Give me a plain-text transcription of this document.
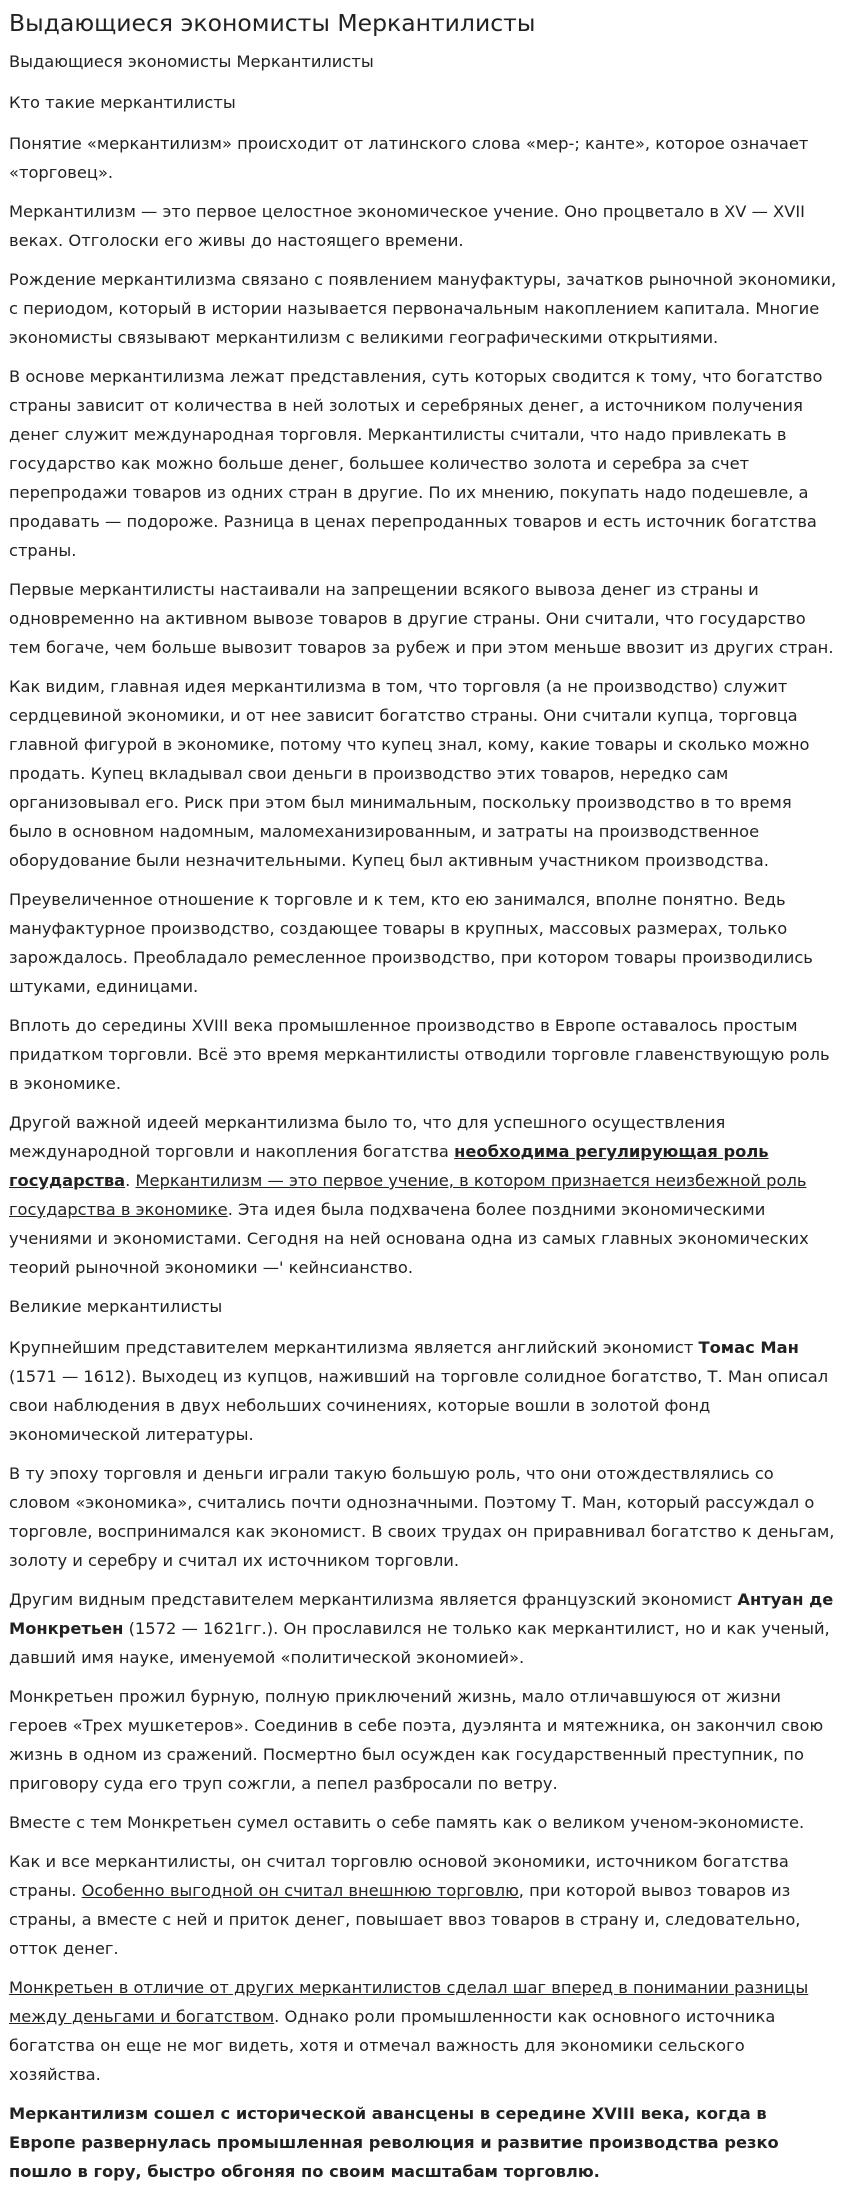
Выдающиеся экономисты Меркантилисты

Выдающиеся экономисты Меркантилисты

Кто такие меркантилисты

Понятие «меркантилизм» происходит от латинского слова «мер-; канте», которое означает «торговец».

Меркантилизм — это первое целостное экономическое учение. Оно процветало в XV — XVII веках. Отголоски его живы до настоящего времени.

Рождение меркантилизма связано с появлением мануфактуры, зачатков рыночной экономики, с периодом, который в истории называется первоначальным накоплением капитала. Многие экономисты связывают меркантилизм с великими географическими открытиями.

В основе меркантилизма лежат представления, суть которых сводится к тому, что богатство страны зависит от количества в ней золотых и серебряных денег, а источником получения денег служит международная торговля. Меркантилисты считали, что надо привлекать в государство как можно больше денег, большее количество золота и серебра за счет перепродажи товаров из одних стран в другие. По их мнению, покупать надо подешевле, а продавать — подороже. Разница в ценах перепроданных товаров и есть источник богатства страны.

Первые меркантилисты настаивали на запрещении всякого вывоза денег из страны и одновременно на активном вывозе товаров в другие страны. Они считали, что государство тем богаче, чем больше вывозит товаров за рубеж и при этом меньше ввозит из других стран.

Как видим, главная идея меркантилизма в том, что торговля (а не производство) служит сердцевиной экономики, и от нее зависит богатство страны. Они считали купца, торговца главной фигурой в экономике, потому что купец знал, кому, какие товары и сколько можно продать. Купец вкладывал свои деньги в производство этих товаров, нередко сам организовывал его. Риск при этом был минимальным, поскольку производство в то время было в основном надомным, маломеханизированным, и затраты на производственное оборудование были незначительными. Купец был активным участником производства.

Преувеличенное отношение к торговле и к тем, кто ею занимался, вполне понятно. Ведь мануфактурное производство, создающее товары в крупных, массовых размерах, только зарождалось. Преобладало ремесленное производство, при котором товары производились штуками, единицами.

Вплоть до середины XVIII века промышленное производство в Европе оставалось простым придатком торговли. Всё это время меркантилисты отводили торговле главенствующую роль в экономике.

Другой важной идеей меркантилизма было то, что для успешного осуществления международной торговли и накопления богатства необходима регулирующая роль государства. Меркантилизм — это первое учение, в котором признается неизбежной роль государства в экономике. Эта идея была подхвачена более поздними экономическими учениями и экономистами. Сегодня на ней основана одна из самых главных экономических теорий рыночной экономики —' кейнсианство.

Великие меркантилисты

Крупнейшим представителем меркантилизма является английский экономист Томас Ман (1571 — 1612). Выходец из купцов, наживший на торговле солидное богатство, Т. Ман описал свои наблюдения в двух небольших сочинениях, которые вошли в золотой фонд экономической литературы.

В ту эпоху торговля и деньги играли такую большую роль, что они отождествлялись со словом «экономика», считались почти однозначными. Поэтому Т. Ман, который рассуждал о торговле, воспринимался как экономист. В своих трудах он приравнивал богатство к деньгам, золоту и серебру и считал их источником торговли.

Другим видным представителем меркантилизма является французский экономист Антуан де Монкретьен (1572 — 1621гг.). Он прославился не только как меркантилист, но и как ученый, давший имя науке, именуемой «политической экономией».

Монкретьен прожил бурную, полную приключений жизнь, мало отличавшуюся от жизни героев «Трех мушкетеров». Соединив в себе поэта, дуэлянта и мятежника, он закончил свою жизнь в одном из сражений. Посмертно был осужден как государственный преступник, по приговору суда его труп сожгли, а пепел разбросали по ветру.

Вместе с тем Монкретьен сумел оставить о себе память как о великом ученом-экономисте.

Как и все меркантилисты, он считал торговлю основой экономики, источником богатства страны. Особенно выгодной он считал внешнюю торговлю, при которой вывоз товаров из страны, а вместе с ней и приток денег, повышает ввоз товаров в страну и, следовательно, отток денег.

Монкретьен в отличие от других меркантилистов сделал шаг вперед в понимании разницы между деньгами и богатством. Однако роли промышленности как основного источника богатства он еще не мог видеть, хотя и отмечал важность для экономики сельского хозяйства.

Меркантилизм сошел с исторической авансцены в середине XVIII века, когда в Европе развернулась промышленная революция и развитие производства резко пошло в гору, быстро обгоняя по своим масштабам торговлю.
